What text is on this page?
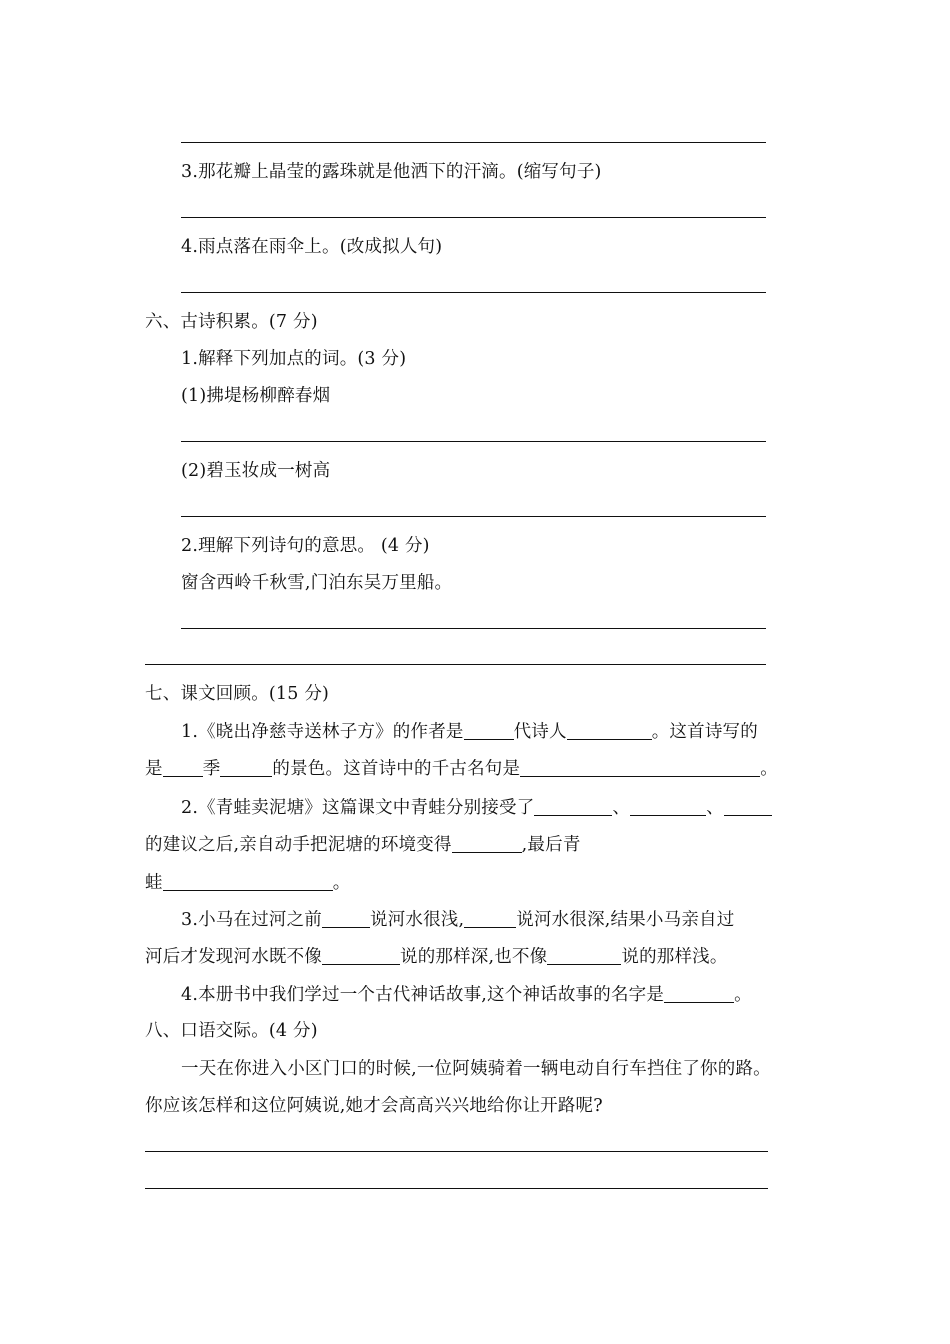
3.那花瓣上晶莹的露珠就是他洒下的汗滴。(缩写句子)
4.雨点落在雨伞上。(改成拟人句)
六、古诗积累。(7 分)
1.解释下列加点的词。(3 分)
(1)拂堤杨柳醉春烟
(2)碧玉妆成一树高
2.理解下列诗句的意思。 (4 分)
窗含西岭千秋雪,门泊东吴万里船。
七、课文回顾。(15 分)
1.《晓出净慈寺送林子方》的作者是	代诗人	。这首诗写的
是 季	的景色。这首诗中的千古名句是	。
2.《青蛙卖泥塘》这篇课文中青蛙分别接受了	、	、
的建议之后,亲自动手把泥塘的环境变得	,最后青
蛙	。
3.小马在过河之前	说河水很浅,	说河水很深,结果小马亲自过
河后才发现河水既不像	说的那样深,也不像	说的那样浅。
4.本册书中我们学过一个古代神话故事,这个神话故事的名字是	。
八、口语交际。(4 分)
一天在你进入小区门口的时候,一位阿姨骑着一辆电动自行车挡住了你的路。
你应该怎样和这位阿姨说,她才会高高兴兴地给你让开路呢?
